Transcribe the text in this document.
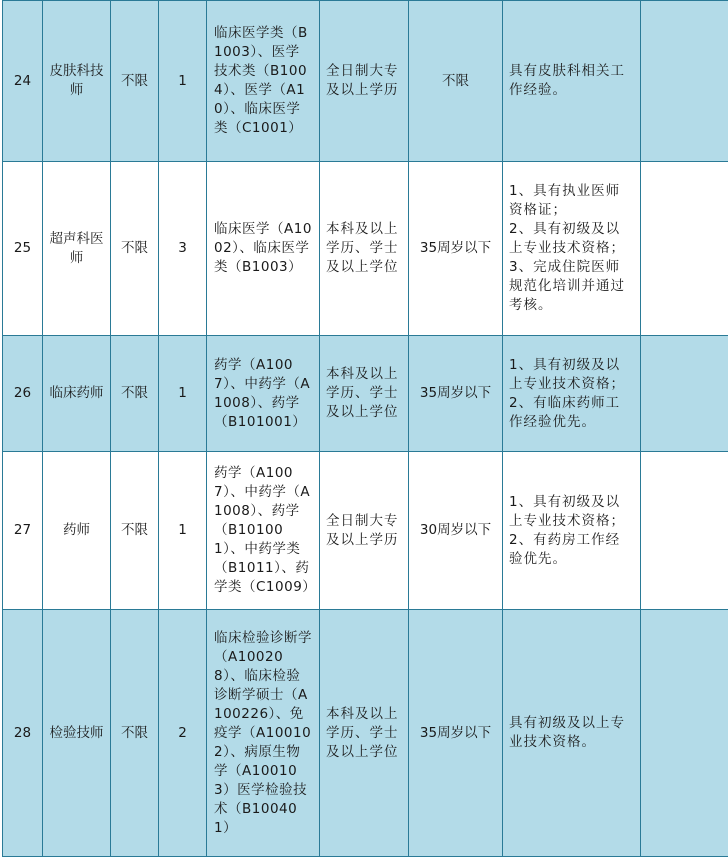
24	皮肤科技师	不限	1	临床医学类（B1003）、医学技术类（B1004）、医学（A10）、临床医学类（C1001）	全日制大专及以上学历	不限	具有皮肤科相关工作经验。	
25	超声科医师	不限	3	临床医学（A1002）、临床医学类（B1003）	本科及以上学历、学士及以上学位	35周岁以下	1、具有执业医师资格证；
2、具有初级及以上专业技术资格；
3、完成住院医师规范化培训并通过考核。	
26	临床药师	不限	1	药学（A1007）、中药学（A1008）、药学（B101001）	本科及以上学历、学士及以上学位	35周岁以下	1、具有初级及以上专业技术资格；
2、有临床药师工作经验优先。	
27	药师	不限	1	药学（A1007）、中药学（A1008）、药学（B101001）、中药学类（B1011）、药学类（C1009）	全日制大专及以上学历	30周岁以下	1、具有初级及以上专业技术资格；
2、有药房工作经验优先。	
28	检验技师	不限	2	临床检验诊断学（A100208）、临床检验诊断学硕士（A100226）、免疫学（A100102）、病原生物学（A100103）医学检验技术（B100401）	本科及以上学历、学士及以上学位	35周岁以下	具有初级及以上专业技术资格。	
